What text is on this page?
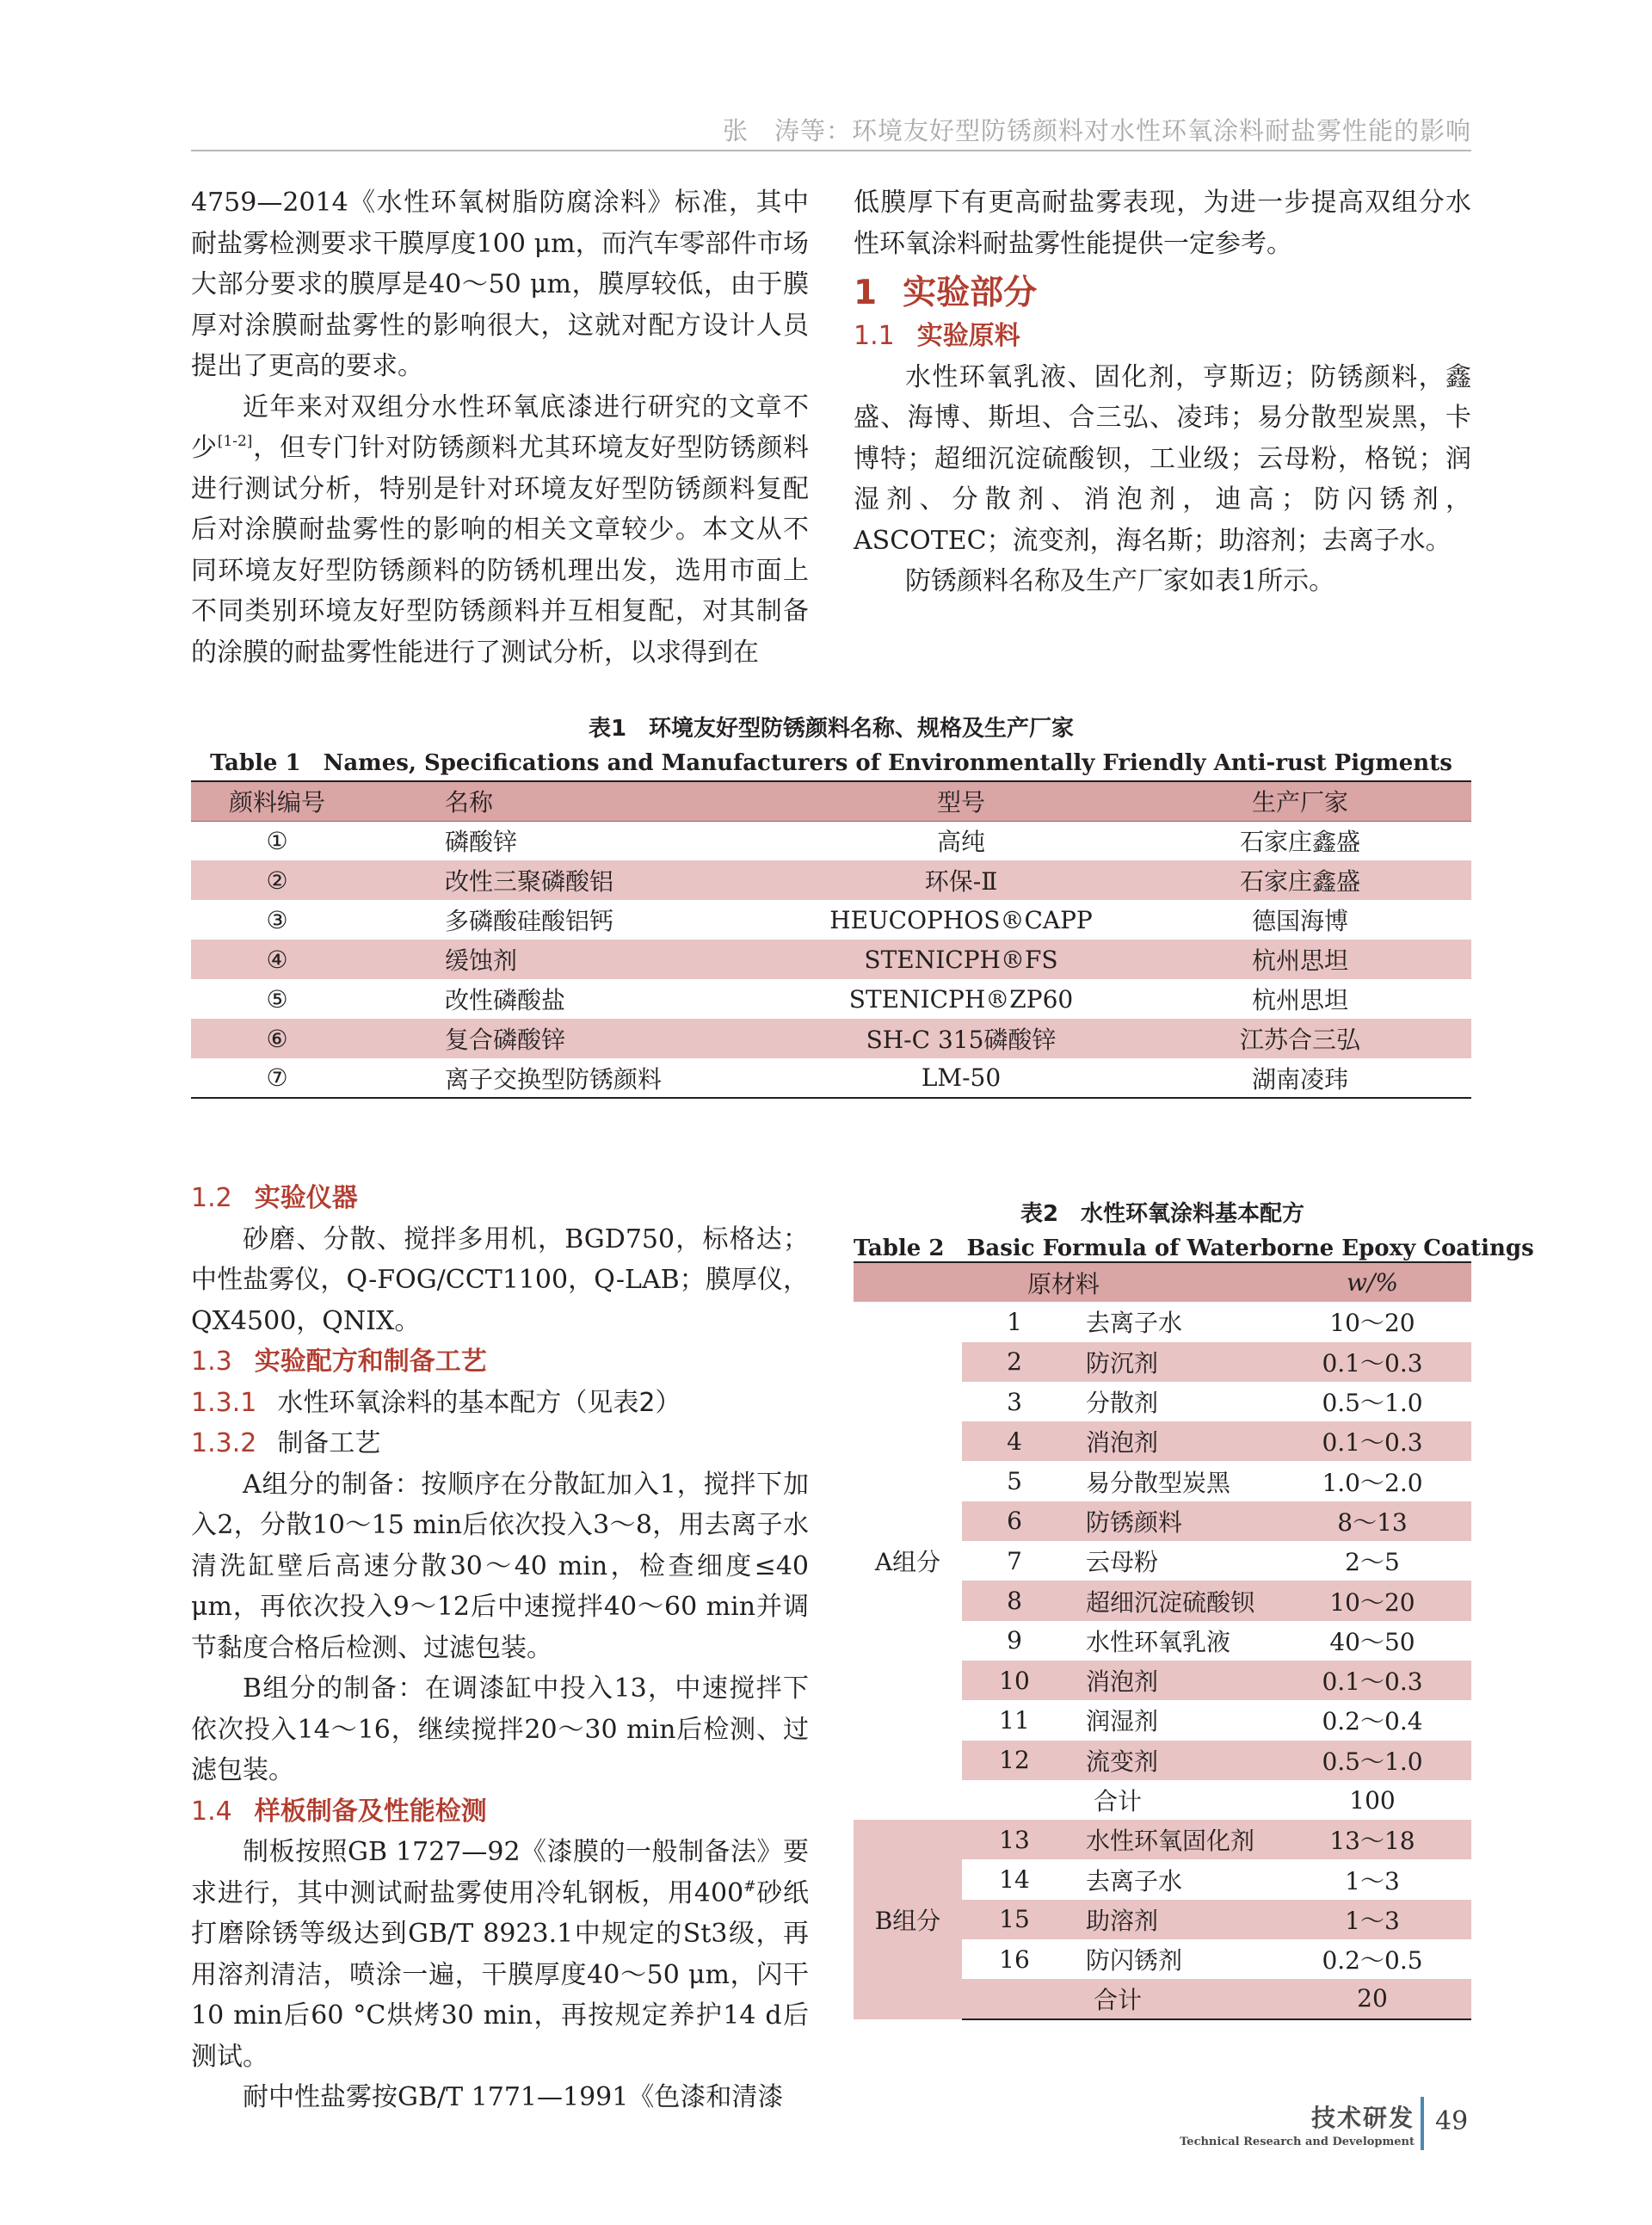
张　涛等：环境友好型防锈颜料对水性环氧涂料耐盐雾性能的影响

4759—2014《水性环氧树脂防腐涂料》标准，其中耐盐雾检测要求干膜厚度100 μm，而汽车零部件市场大部分要求的膜厚是40～50 μm，膜厚较低，由于膜厚对涂膜耐盐雾性的影响很大，这就对配方设计人员提出了更高的要求。

近年来对双组分水性环氧底漆进行研究的文章不少[1-2]，但专门针对防锈颜料尤其环境友好型防锈颜料进行测试分析，特别是针对环境友好型防锈颜料复配后对涂膜耐盐雾性的影响的相关文章较少。本文从不同环境友好型防锈颜料的防锈机理出发，选用市面上不同类别环境友好型防锈颜料并互相复配，对其制备的涂膜的耐盐雾性能进行了测试分析，以求得到在

低膜厚下有更高耐盐雾表现，为进一步提高双组分水性环氧涂料耐盐雾性能提供一定参考。

1 实验部分
1.1 实验原料

水性环氧乳液、固化剂，亨斯迈；防锈颜料，鑫盛、海博、斯坦、合三弘、凌玮；易分散型炭黑，卡博特；超细沉淀硫酸钡，工业级；云母粉，格锐；润湿剂、分散剂、消泡剂，迪高；防闪锈剂，ASCOTEC；流变剂，海名斯；助溶剂；去离子水。

防锈颜料名称及生产厂家如表1所示。

表1　环境友好型防锈颜料名称、规格及生产厂家
Table 1　Names, Specifications and Manufacturers of Environmentally Friendly Anti-rust Pigments
颜料编号	名称	型号	生产厂家
①	磷酸锌	高纯	石家庄鑫盛
②	改性三聚磷酸铝	环保-Ⅱ	石家庄鑫盛
③	多磷酸硅酸铝钙	HEUCOPHOS®CAPP	德国海博
④	缓蚀剂	STENICPH®FS	杭州思坦
⑤	改性磷酸盐	STENICPH®ZP60	杭州思坦
⑥	复合磷酸锌	SH-C 315磷酸锌	江苏合三弘
⑦	离子交换型防锈颜料	LM-50	湖南凌玮
1.2 实验仪器

砂磨、分散、搅拌多用机，BGD750，标格达；中性盐雾仪，Q-FOG/CCT1100，Q-LAB；膜厚仪，QX4500，QNIX。

1.3 实验配方和制备工艺
1.3.1 水性环氧涂料的基本配方（见表2）
1.3.2 制备工艺

A组分的制备：按顺序在分散缸加入1，搅拌下加入2，分散10～15 min后依次投入3～8，用去离子水清洗缸壁后高速分散30～40 min，检查细度≤40 μm，再依次投入9～12后中速搅拌40～60 min并调节黏度合格后检测、过滤包装。

B组分的制备：在调漆缸中投入13，中速搅拌下依次投入14～16，继续搅拌20～30 min后检测、过滤包装。

1.4 样板制备及性能检测

制板按照GB 1727—92《漆膜的一般制备法》要求进行，其中测试耐盐雾使用冷轧钢板，用400#砂纸打磨除锈等级达到GB/T 8923.1中规定的St3级，再用溶剂清洁，喷涂一遍，干膜厚度40～50 μm，闪干10 min后60 °C烘烤30 min，再按规定养护14 d后测试。

耐中性盐雾按GB/T 1771—1991《色漆和清漆

表2　水性环氧涂料基本配方
Table 2　Basic Formula of Waterborne Epoxy Coatings
原材料			w/%
A组分	1	去离子水	10～20
	2	防沉剂	0.1～0.3
	3	分散剂	0.5～1.0
	4	消泡剂	0.1～0.3
	5	易分散型炭黑	1.0～2.0
	6	防锈颜料	8～13
	7	云母粉	2～5
	8	超细沉淀硫酸钡	10～20
	9	水性环氧乳液	40～50
	10	消泡剂	0.1～0.3
	11	润湿剂	0.2～0.4
	12	流变剂	0.5～1.0
	合计		100
B组分	13	水性环氧固化剂	13～18
	14	去离子水	1～3
	15	助溶剂	1～3
	16	防闪锈剂	0.2～0.5
	合计		20
技术研发
Technical Research and Development
49
